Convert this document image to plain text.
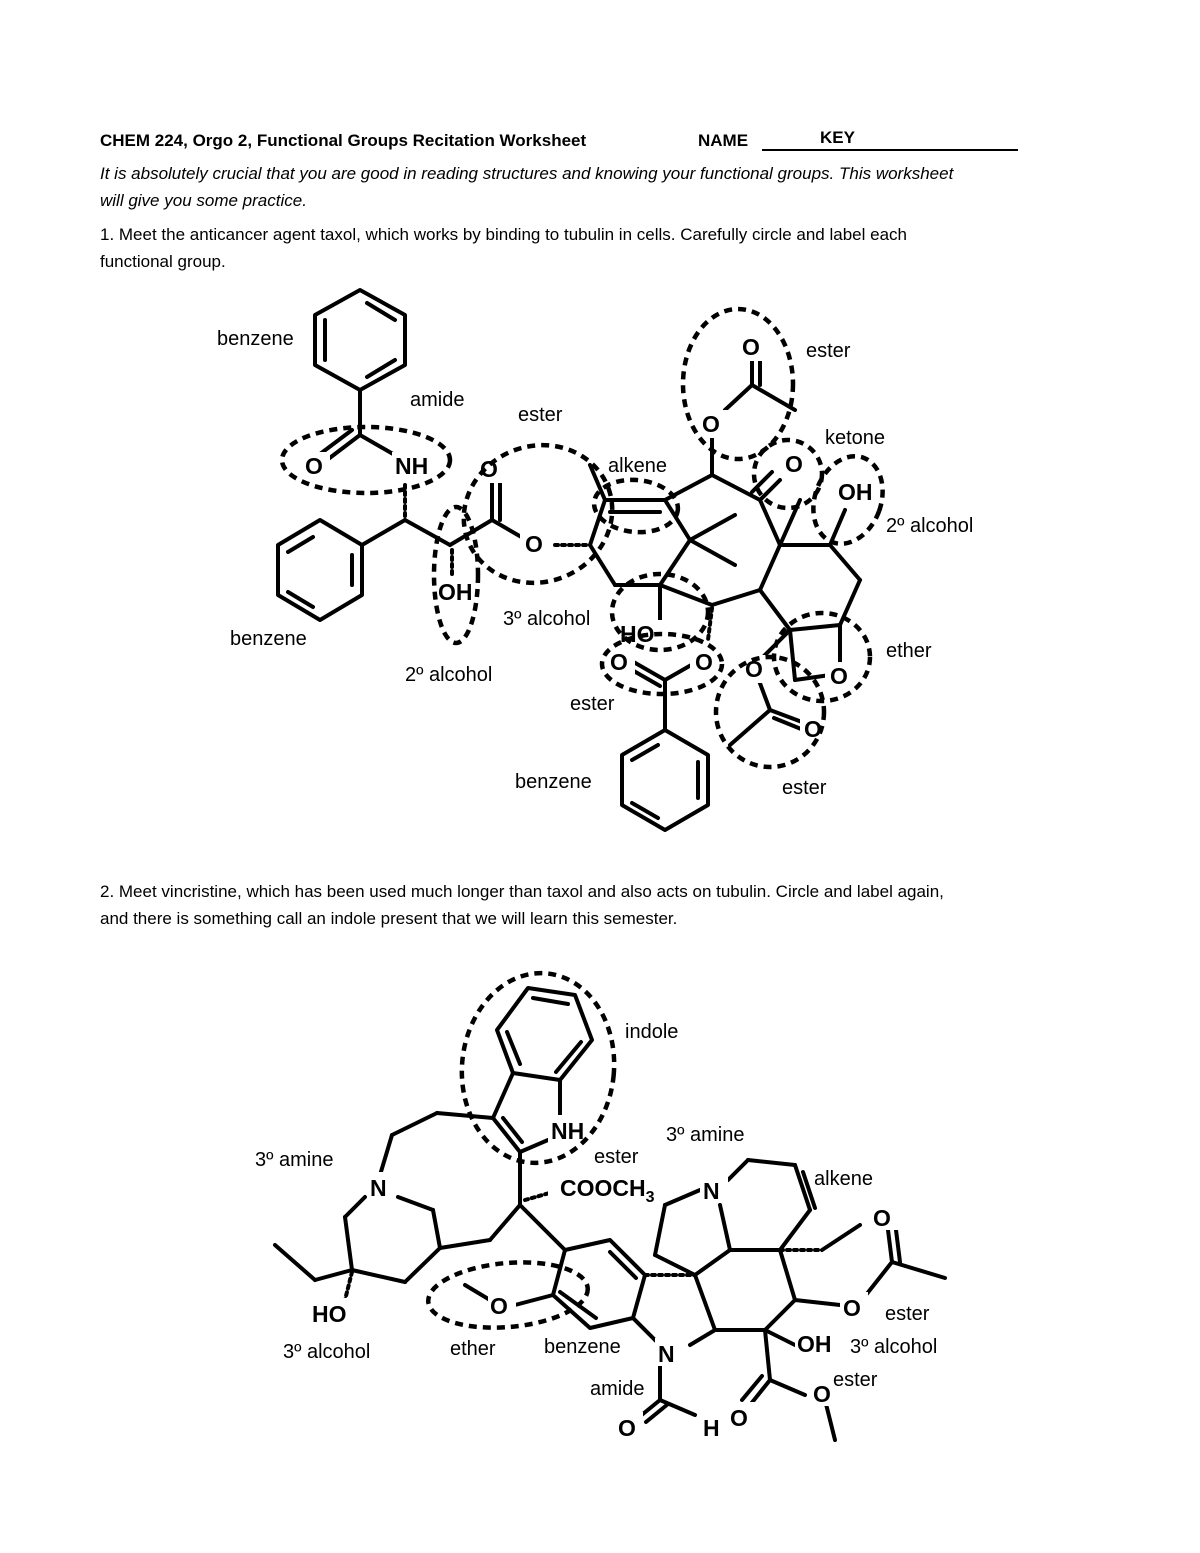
CHEM 224, Orgo 2, Functional Groups Recitation Worksheet	NAME	KEY
It is absolutely crucial that you are good in reading structures and knowing your functional groups. This worksheet
will give you some practice.
1. Meet the anticancer agent taxol, which works by binding to tubulin in cells. Carefully circle and label each
functional group.
2. Meet vincristine, which has been used much longer than taxol and also acts on tubulin. Circle and label again,
and there is something call an indole present that we will learn this semester.
O	NH O
O
OH
O
O
O
OH
HO
O	O O	O
O
benzene
amide
ester
ester
alkene
ketone
2º alcohol
3º alcohol
benzene
2º alcohol
ether
ester
benzene	ester
NH
N	$COOCH_3$
HO	O
N
N
O
O
OH
O
O
O	H
indole
3º amine	ester
3º amine
alkene
ester
3º alcohol	ether benzene	3º alcohol
amide	ester
